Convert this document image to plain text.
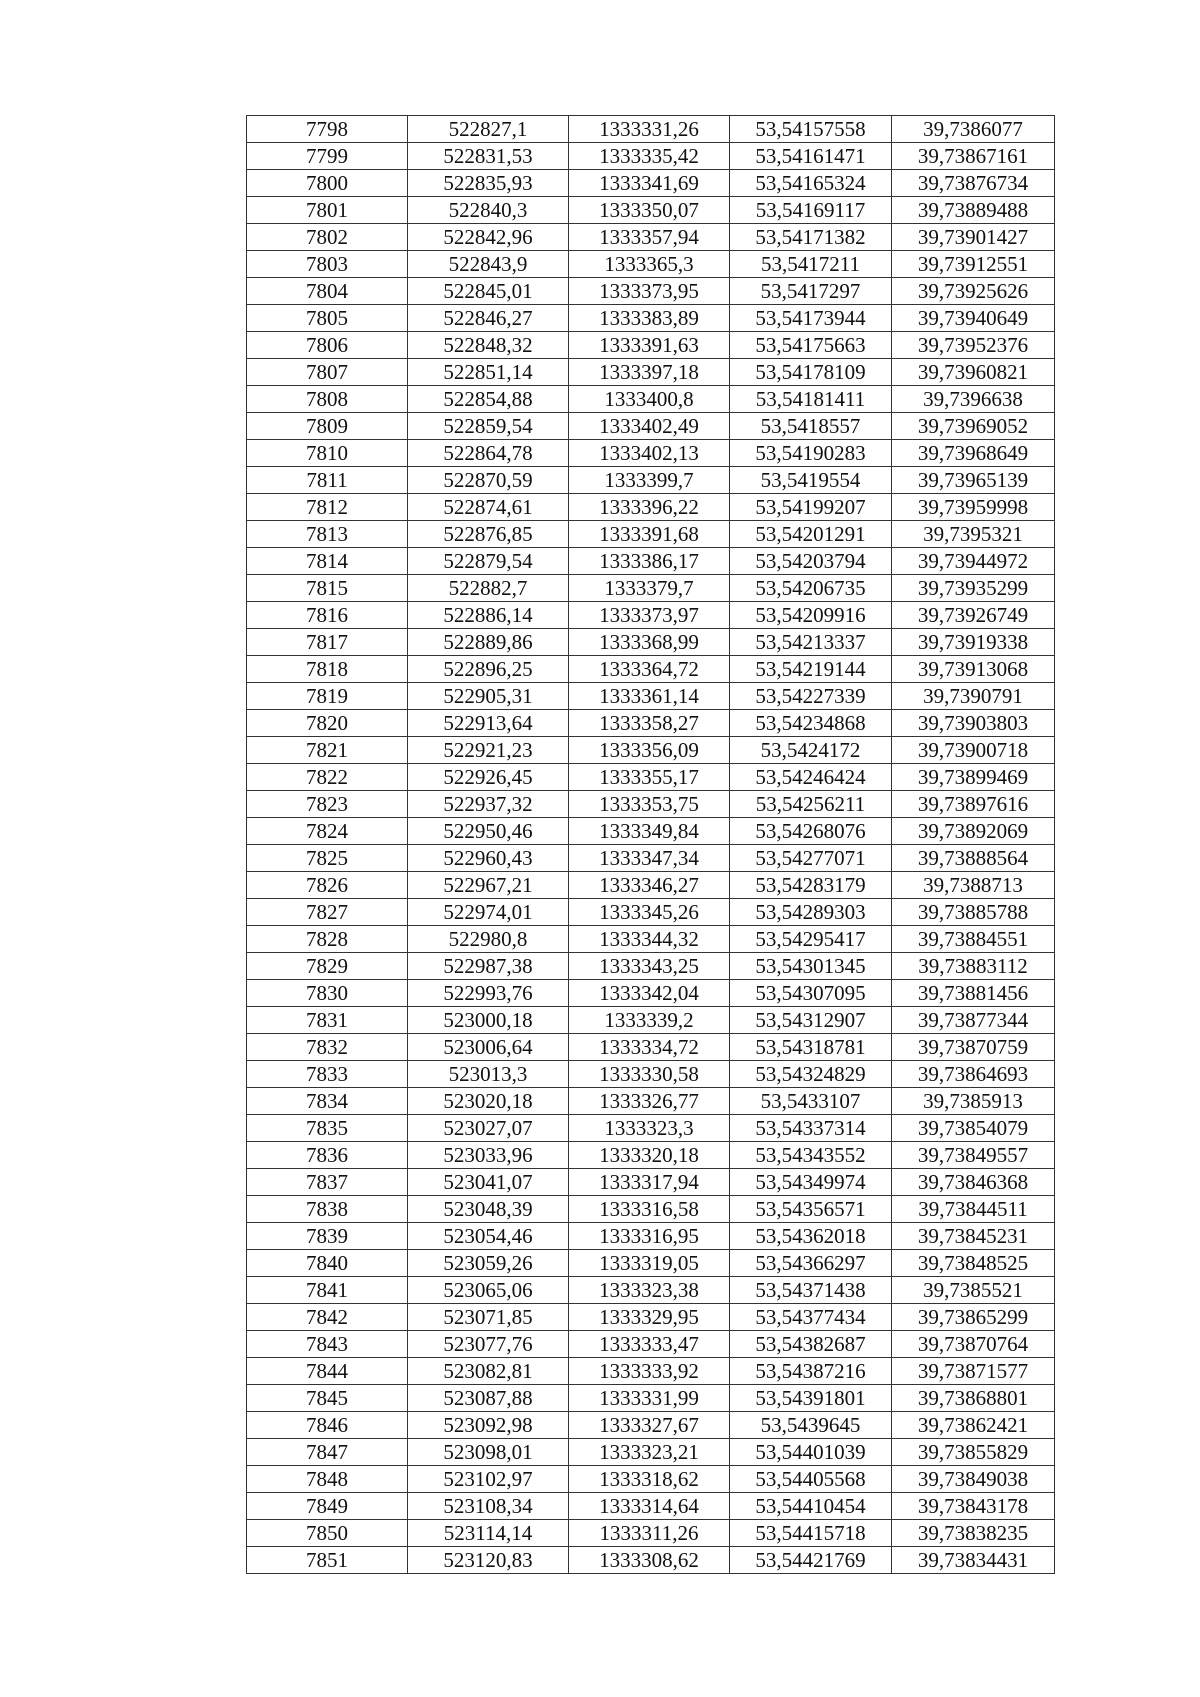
7798	522827,1	1333331,26	53,54157558	39,7386077
7799	522831,53	1333335,42	53,54161471	39,73867161
7800	522835,93	1333341,69	53,54165324	39,73876734
7801	522840,3	1333350,07	53,54169117	39,73889488
7802	522842,96	1333357,94	53,54171382	39,73901427
7803	522843,9	1333365,3	53,5417211	39,73912551
7804	522845,01	1333373,95	53,5417297	39,73925626
7805	522846,27	1333383,89	53,54173944	39,73940649
7806	522848,32	1333391,63	53,54175663	39,73952376
7807	522851,14	1333397,18	53,54178109	39,73960821
7808	522854,88	1333400,8	53,54181411	39,7396638
7809	522859,54	1333402,49	53,5418557	39,73969052
7810	522864,78	1333402,13	53,54190283	39,73968649
7811	522870,59	1333399,7	53,5419554	39,73965139
7812	522874,61	1333396,22	53,54199207	39,73959998
7813	522876,85	1333391,68	53,54201291	39,7395321
7814	522879,54	1333386,17	53,54203794	39,73944972
7815	522882,7	1333379,7	53,54206735	39,73935299
7816	522886,14	1333373,97	53,54209916	39,73926749
7817	522889,86	1333368,99	53,54213337	39,73919338
7818	522896,25	1333364,72	53,54219144	39,73913068
7819	522905,31	1333361,14	53,54227339	39,7390791
7820	522913,64	1333358,27	53,54234868	39,73903803
7821	522921,23	1333356,09	53,5424172	39,73900718
7822	522926,45	1333355,17	53,54246424	39,73899469
7823	522937,32	1333353,75	53,54256211	39,73897616
7824	522950,46	1333349,84	53,54268076	39,73892069
7825	522960,43	1333347,34	53,54277071	39,73888564
7826	522967,21	1333346,27	53,54283179	39,7388713
7827	522974,01	1333345,26	53,54289303	39,73885788
7828	522980,8	1333344,32	53,54295417	39,73884551
7829	522987,38	1333343,25	53,54301345	39,73883112
7830	522993,76	1333342,04	53,54307095	39,73881456
7831	523000,18	1333339,2	53,54312907	39,73877344
7832	523006,64	1333334,72	53,54318781	39,73870759
7833	523013,3	1333330,58	53,54324829	39,73864693
7834	523020,18	1333326,77	53,5433107	39,7385913
7835	523027,07	1333323,3	53,54337314	39,73854079
7836	523033,96	1333320,18	53,54343552	39,73849557
7837	523041,07	1333317,94	53,54349974	39,73846368
7838	523048,39	1333316,58	53,54356571	39,73844511
7839	523054,46	1333316,95	53,54362018	39,73845231
7840	523059,26	1333319,05	53,54366297	39,73848525
7841	523065,06	1333323,38	53,54371438	39,7385521
7842	523071,85	1333329,95	53,54377434	39,73865299
7843	523077,76	1333333,47	53,54382687	39,73870764
7844	523082,81	1333333,92	53,54387216	39,73871577
7845	523087,88	1333331,99	53,54391801	39,73868801
7846	523092,98	1333327,67	53,5439645	39,73862421
7847	523098,01	1333323,21	53,54401039	39,73855829
7848	523102,97	1333318,62	53,54405568	39,73849038
7849	523108,34	1333314,64	53,54410454	39,73843178
7850	523114,14	1333311,26	53,54415718	39,73838235
7851	523120,83	1333308,62	53,54421769	39,73834431
